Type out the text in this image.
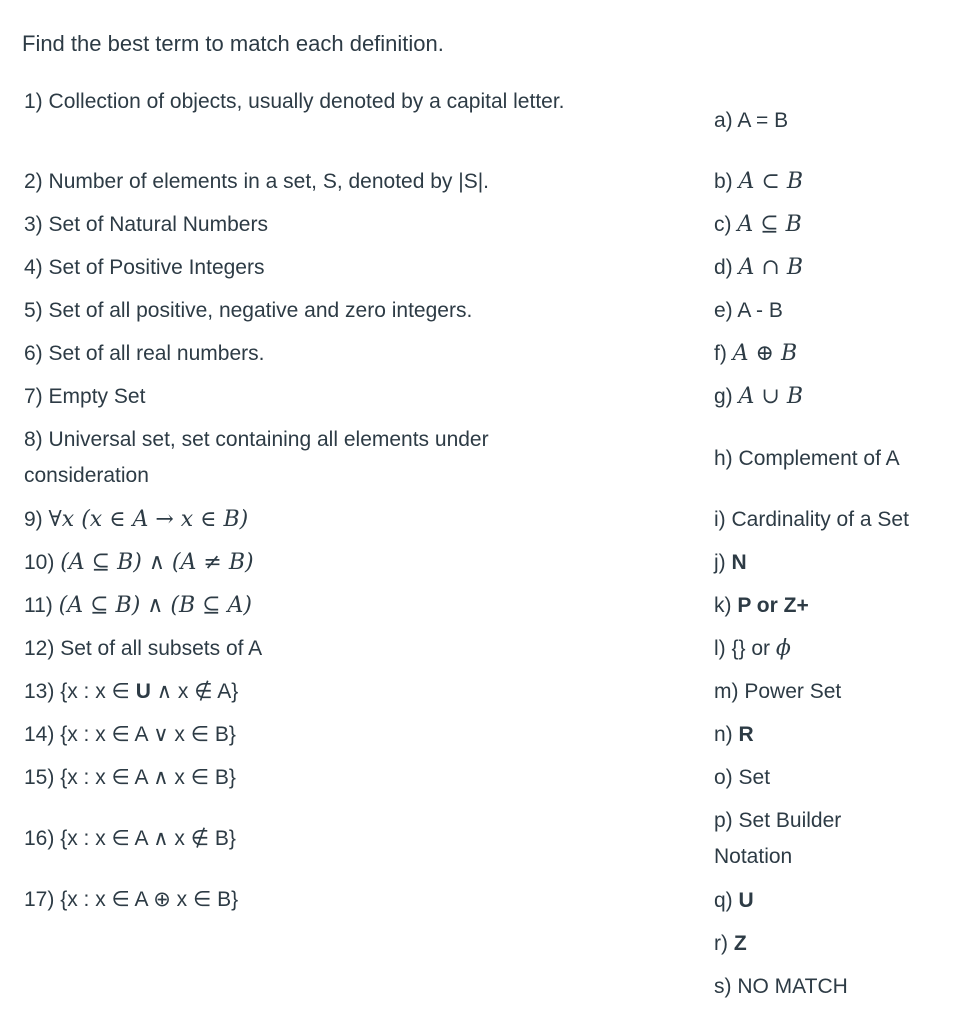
Find the best term to match each definition.
1) Collection of objects, usually denoted by a capital letter.
2) Number of elements in a set, S, denoted by |S|.
3) Set of Natural Numbers
4) Set of Positive Integers
5) Set of all positive, negative and zero integers.
6) Set of all real numbers.
7) Empty Set
8) Universal set, set containing all elements under consideration
9) ∀x (x ∈ A → x ∈ B)
10) (A ⊆ B) ∧ (A ≠ B)
11) (A ⊆ B) ∧ (B ⊆ A)
12) Set of all subsets of A
13) {x : x ∈ U ∧ x ∉ A}
14) {x : x ∈ A ∨ x ∈ B}
15) {x : x ∈ A ∧ x ∈ B}
16) {x : x ∈ A ∧ x ∉ B}
17) {x : x ∈ A ⊕ x ∈ B}
a) A = B
b) A ⊂ B
c) A ⊆ B
d) A ∩ B
e) A - B
f) A ⊕ B
g) A ∪ B
h) Complement of A
i) Cardinality of a Set
j) N
k) P or Z+
l) {} or ϕ
m) Power Set
n) R
o) Set
p) Set Builder Notation
q) U
r) Z
s) NO MATCH
